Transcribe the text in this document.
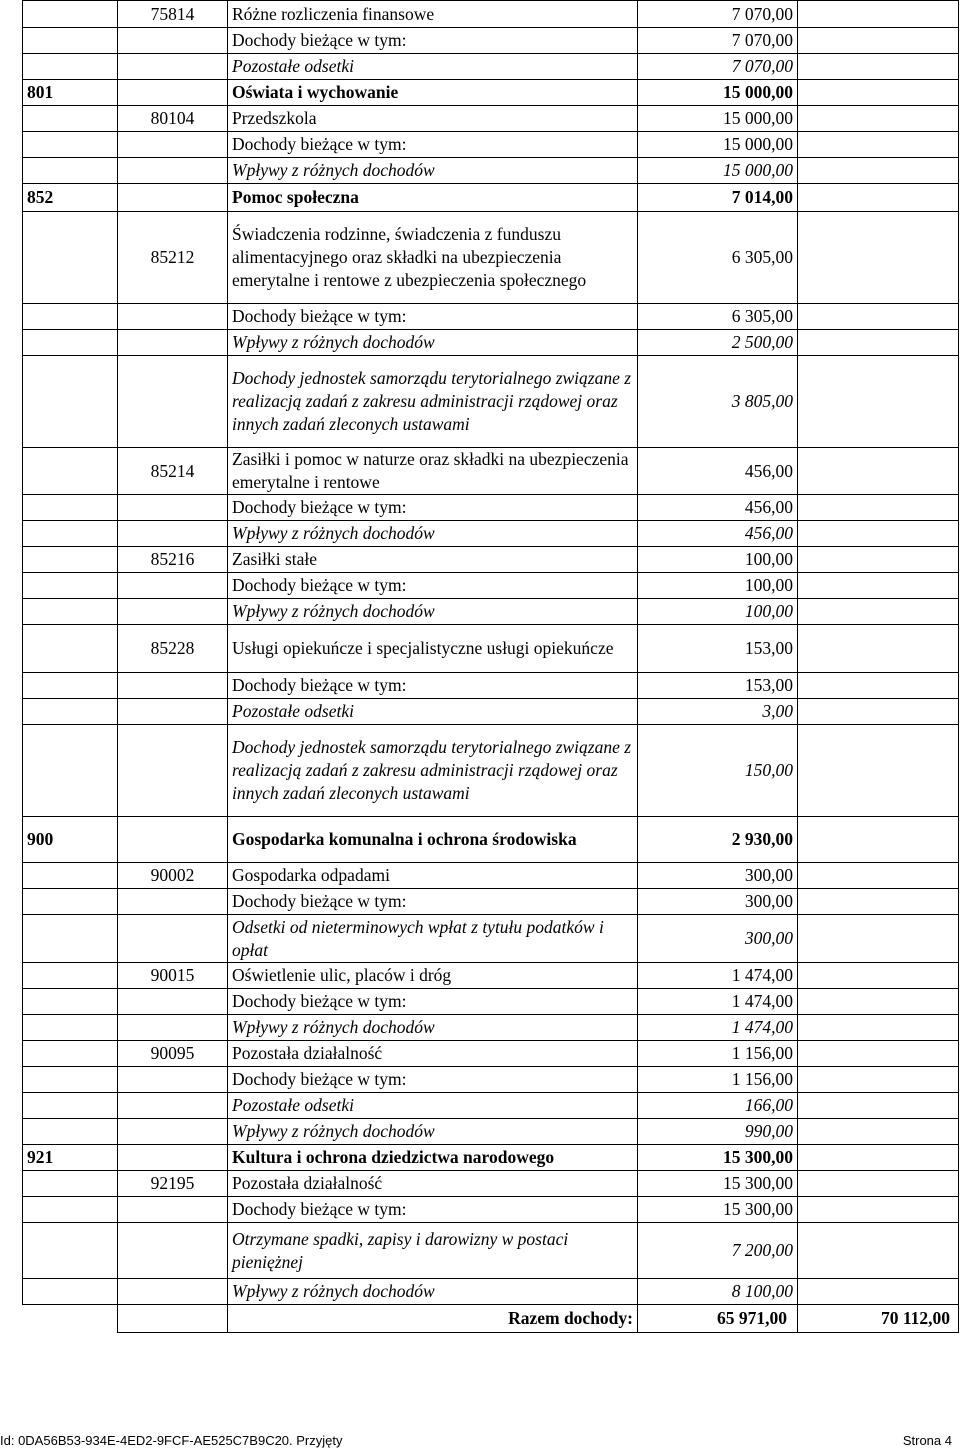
	75814	Różne rozliczenia finansowe	7 070,00	
		Dochody bieżące w tym:	7 070,00	
		Pozostałe odsetki	7 070,00	
801		Oświata i wychowanie	15 000,00	
	80104	Przedszkola	15 000,00	
		Dochody bieżące w tym:	15 000,00	
		Wpływy z różnych dochodów	15 000,00	
852		Pomoc społeczna	7 014,00	
	85212	Świadczenia rodzinne, świadczenia z funduszu alimentacyjnego oraz składki na ubezpieczenia emerytalne i rentowe z ubezpieczenia społecznego	6 305,00	
		Dochody bieżące w tym:	6 305,00	
		Wpływy z różnych dochodów	2 500,00	
		Dochody jednostek samorządu terytorialnego związane z realizacją zadań z zakresu administracji rządowej oraz innych zadań zleconych ustawami	3 805,00	
	85214	Zasiłki i pomoc w naturze oraz składki na ubezpieczenia emerytalne i rentowe	456,00	
		Dochody bieżące w tym:	456,00	
		Wpływy z różnych dochodów	456,00	
	85216	Zasiłki stałe	100,00	
		Dochody bieżące w tym:	100,00	
		Wpływy z różnych dochodów	100,00	
	85228	Usługi opiekuńcze i specjalistyczne usługi opiekuńcze	153,00	
		Dochody bieżące w tym:	153,00	
		Pozostałe odsetki	3,00	
		Dochody jednostek samorządu terytorialnego związane z realizacją zadań z zakresu administracji rządowej oraz innych zadań zleconych ustawami	150,00	
900		Gospodarka komunalna i ochrona środowiska	2 930,00	
	90002	Gospodarka odpadami	300,00	
		Dochody bieżące w tym:	300,00	
		Odsetki od nieterminowych wpłat z tytułu podatków i opłat	300,00	
	90015	Oświetlenie ulic, placów i dróg	1 474,00	
		Dochody bieżące w tym:	1 474,00	
		Wpływy z różnych dochodów	1 474,00	
	90095	Pozostała działalność	1 156,00	
		Dochody bieżące w tym:	1 156,00	
		Pozostałe odsetki	166,00	
		Wpływy z różnych dochodów	990,00	
921		Kultura i ochrona dziedzictwa narodowego	15 300,00	
	92195	Pozostała działalność	15 300,00	
		Dochody bieżące w tym:	15 300,00	
		Otrzymane spadki, zapisy i darowizny w postaci pieniężnej	7 200,00	
		Wpływy z różnych dochodów	8 100,00	
		Razem dochody:	65 971,00	70 112,00
Id: 0DA56B53-934E-4ED2-9FCF-AE525C7B9C20. Przyjęty	Strona 4
